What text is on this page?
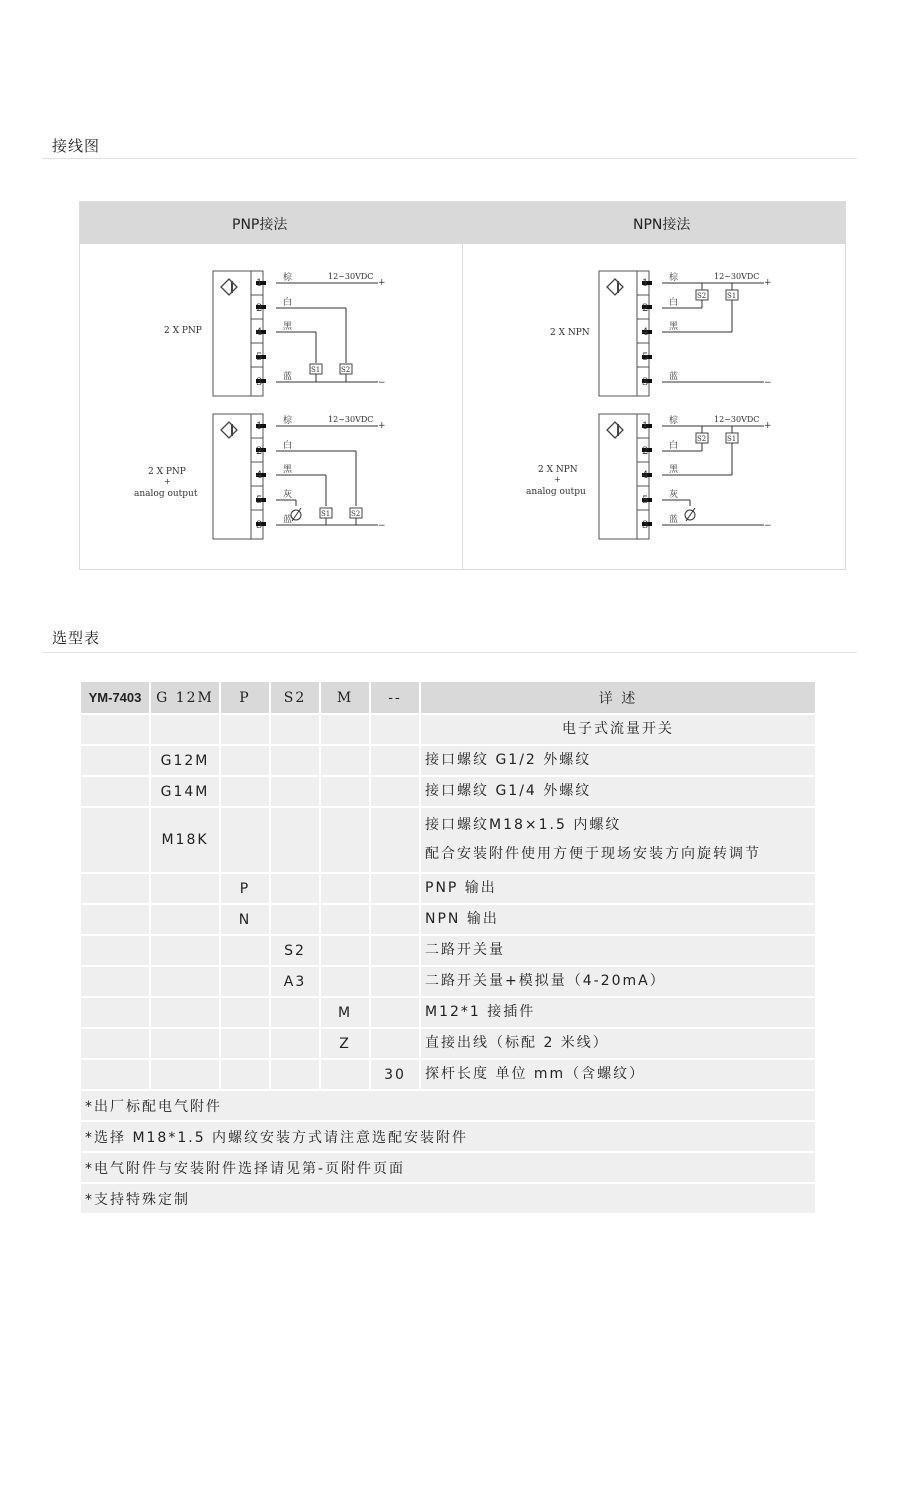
接线图
PNP接法	NPN接法
1
2
4
5
3
S1	S2
棕
白
黑
蓝
12~30VDC
+
−
2 X PNP
1
2
4
5
3
S1	S2
棕
白
黑
灰
蓝
12~30VDC
+
−
2 X PNP
+
analog output
1
2
4
5
3
S2	S1
棕
白
黑
蓝
12~30VDC
+
−
2 X NPN
1
2
4
5
3
S2	S1
棕
白
黑
灰
蓝
12~30VDC
+
−
2 X NPN
+
analog outpu
选型表
YM-7403	G 12M	P	S2	M	--	详 述

						电子式流量开关

	G12M					接口螺纹 G1/2 外螺纹

	G14M					接口螺纹 G1/4 外螺纹

	M18K					接口螺纹M18×1.5 内螺纹
配合安装附件使用方便于现场安装方向旋转调节

		P				PNP 输出

		N				NPN 输出

			S2			二路开关量

			A3			二路开关量+模拟量（4-20mA）

				M		M12*1 接插件

				Z		直接出线（标配 2 米线）

					30	探杆长度 单位 mm（含螺纹）

*出厂标配电气附件						
*选择 M18*1.5 内螺纹安装方式请注意选配安装附件						
*电气附件与安装附件选择请见第-页附件页面						
*支持特殊定制						
